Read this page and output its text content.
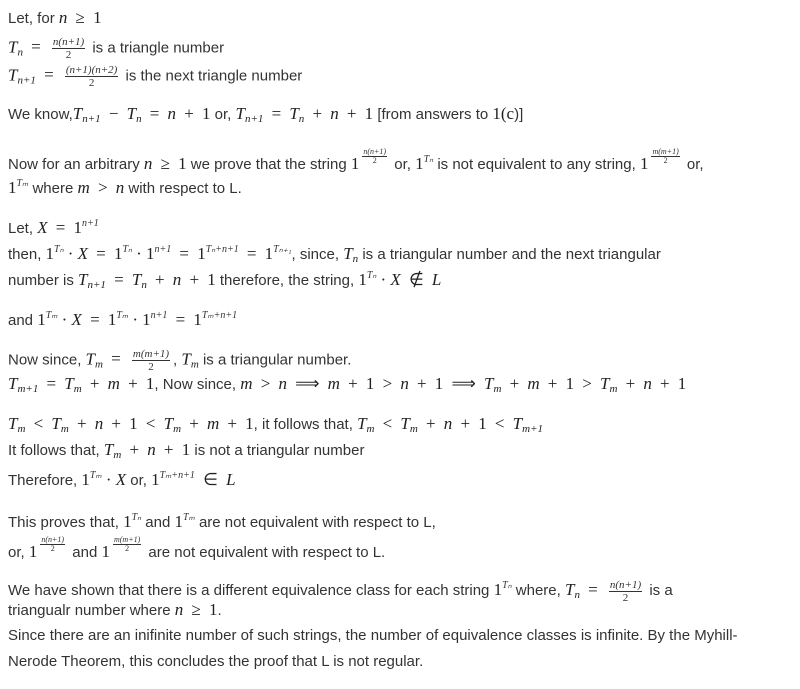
Let, for n ≥ 1
$T_n = \frac{n(n+1)}{2}$ is a triangle number
$T_{n+1} = \frac{(n+1)(n+2)}{2}$ is the next triangle number
We $know,T_{n+1} - T_n = n + 1$ or, $T_{n+1} = T_n + n + 1$ [from answers to 1(c)]
Now for an arbitrary n ≥ 1 we prove that the string $1 \frac{n(n+1)}{2}$ or, $1^{T_n}$ is not equivalent to any string, $1 \frac{m(m+1)}{2}$ or,
$1^{T_m}$ where m > n with respect to L.
Let, $X = 1^{n+1}$
then, $1^{T_n} \cdot X = 1^{T_n} \cdot 1^{n+1} = 1^{T_n+n+1} = 1^{T_{n+1}}$, since, $T_n$ is a triangular number and the next triangular
number is $T_{n+1} = T_n + n + 1$ therefore, the string, $1^{T_n} \cdot X$ ∉ L
and $1^{T_m} \cdot X = 1^{T_m} \cdot 1^{n+1} = 1^{T_m+n+1}$
Now since, $T_m = \frac{m(m+1)}{2}$ , $T_m$ is a triangular number.
$T_{m+1} = T_m + m + 1$, Now since, m > n ⟹ m + 1 > n + 1 ⟹ $T_m + m + 1 > T_m + n + 1$
$T_m < T_m + n + 1 < T_m + m + 1$, it follows that, $T_m < T_m + n + 1 < T_{m+1}$
It follows that, $T_m + n + 1$ is not a triangular number
Therefore, $1^{T_m} \cdot X$ or, $1^{T_m+n+1}$ ∈ L
This proves that, $1^{T_n}$ and $1^{T_m}$ are not equivalent with respect to L,
or, $1 \frac{n(n+1)}{2}$ and $1 \frac{m(m+1)}{2}$ are not equivalent with respect to L.
We have shown that there is a different equivalence class for each string $1^{T_n}$ where, $T_n = \frac{n(n+1)}{2}$ is a
triangualr number where n ≥ 1.
Since there are an inifinite number of such strings, the number of equivalence classes is infinite. By the Myhill-
Nerode Theorem, this concludes the proof that L is not regular.
